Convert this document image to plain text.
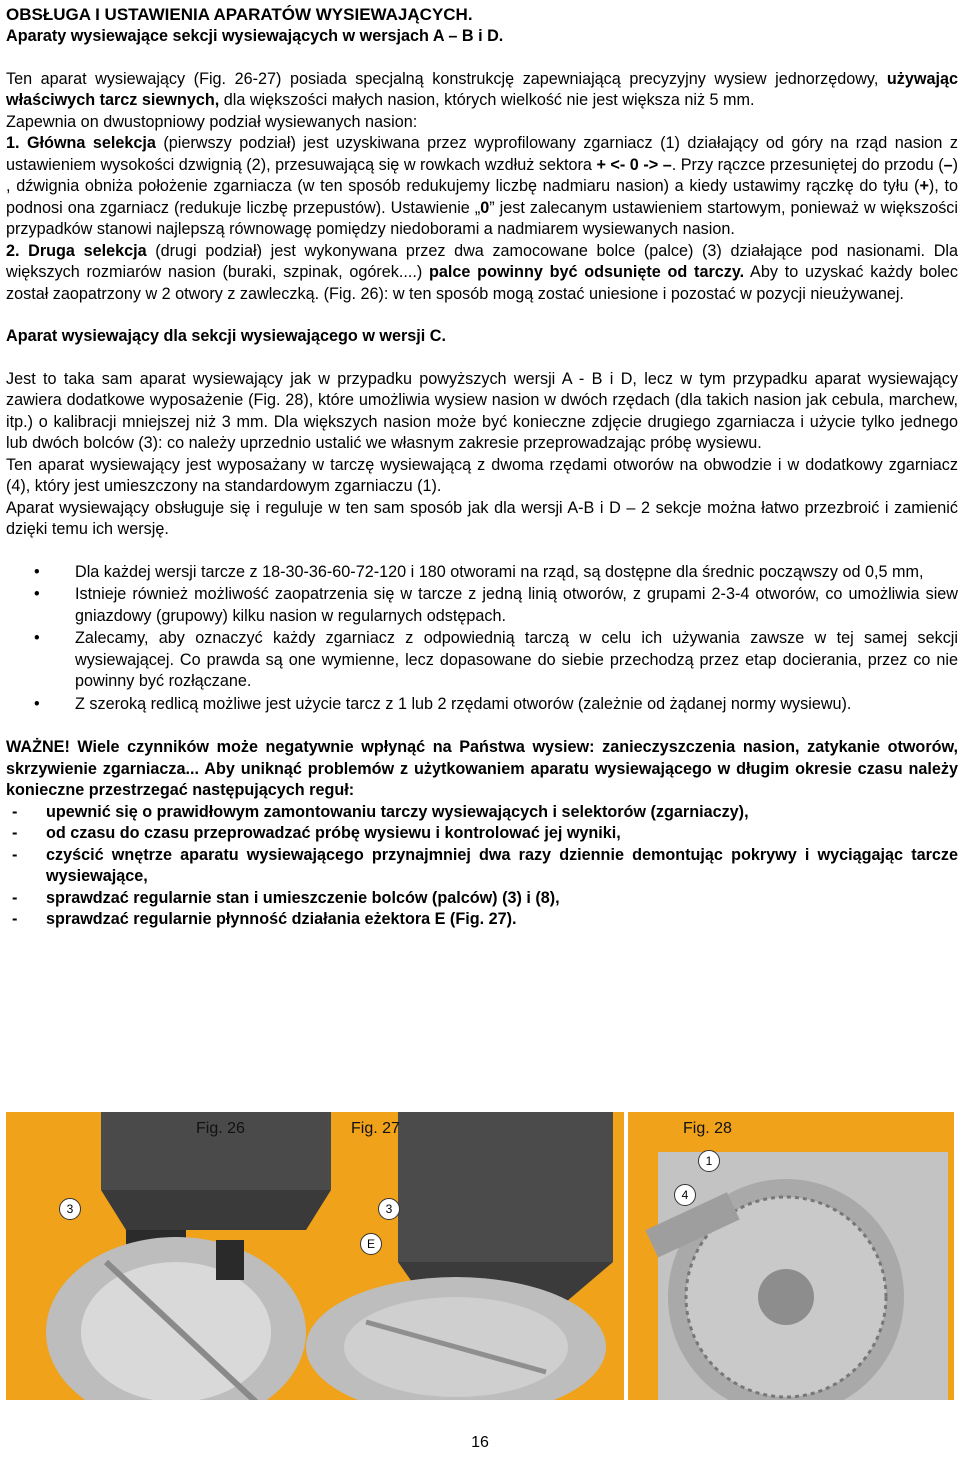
OBSŁUGA I USTAWIENIA APARATÓW WYSIEWAJĄCYCH.

Aparaty wysiewające sekcji wysiewających w wersjach A – B i D.

Ten aparat wysiewający (Fig. 26-27) posiada specjalną konstrukcję zapewniającą precyzyjny wysiew jednorzędowy, używając właściwych tarcz siewnych, dla większości małych nasion, których wielkość nie jest większa niż 5 mm.

Zapewnia on dwustopniowy podział wysiewanych nasion:

1. Główna selekcja (pierwszy podział) jest uzyskiwana przez wyprofilowany zgarniacz (1) działający od góry na rząd nasion z ustawieniem wysokości dzwignią (2), przesuwającą się w rowkach wzdłuż sektora + <- 0 -> –. Przy rączce przesuniętej do przodu (–) , dźwignia obniża położenie zgarniacza (w ten sposób redukujemy liczbę nadmiaru nasion) a kiedy ustawimy rączkę do tyłu (+), to podnosi ona zgarniacz (redukuje liczbę przepustów). Ustawienie „0” jest zalecanym ustawieniem startowym, ponieważ w większości przypadków stanowi najlepszą równowagę pomiędzy niedoborami a nadmiarem wysiewanych nasion.

2. Druga selekcja (drugi podział) jest wykonywana przez dwa zamocowane bolce (palce) (3) działające pod nasionami. Dla większych rozmiarów nasion (buraki, szpinak, ogórek....) palce powinny być odsunięte od tarczy. Aby to uzyskać każdy bolec został zaopatrzony w 2 otwory z zawleczką. (Fig. 26): w ten sposób mogą zostać uniesione i pozostać w pozycji nieużywanej.

Aparat wysiewający dla sekcji wysiewającego w wersji C.

Jest to taka sam aparat wysiewający jak w przypadku powyższych wersji A - B i D, lecz w tym przypadku aparat wysiewający zawiera dodatkowe wyposażenie (Fig. 28), które umożliwia wysiew nasion w dwóch rzędach (dla takich nasion jak cebula, marchew, itp.) o kalibracji mniejszej niż 3 mm. Dla większych nasion może być konieczne zdjęcie drugiego zgarniacza i użycie tylko jednego lub dwóch bolców (3): co należy uprzednio ustalić we własnym zakresie przeprowadzając próbę wysiewu.

Ten aparat wysiewający jest wyposażany w tarczę wysiewającą z dwoma rzędami otworów na obwodzie i w dodatkowy zgarniacz (4), który jest umieszczony na standardowym zgarniaczu (1).

Aparat wysiewający obsługuje się i reguluje w ten sam sposób jak dla wersji A-B i D – 2 sekcje można łatwo przezbroić i zamienić dzięki temu ich wersję.

• Dla każdej wersji tarcze z 18-30-36-60-72-120 i 180 otworami na rząd, są dostępne dla średnic począwszy od 0,5 mm,
• Istnieje również możliwość zaopatrzenia się w tarcze z jedną linią otworów, z grupami 2-3-4 otworów, co umożliwia siew gniazdowy (grupowy) kilku nasion w regularnych odstępach.
• Zalecamy, aby oznaczyć każdy zgarniacz z odpowiednią tarczą w celu ich używania zawsze w tej samej sekcji wysiewającej. Co prawda są one wymienne, lecz dopasowane do siebie przechodzą przez etap docierania, przez co nie powinny być rozłączane.
• Z szeroką redlicą możliwe jest użycie tarcz z 1 lub 2 rzędami otworów (zależnie od żądanej normy wysiewu).

WAŻNE! Wiele czynników może negatywnie wpłynąć na Państwa wysiew: zanieczyszczenia nasion, zatykanie otworów, skrzywienie zgarniacza... Aby uniknąć problemów z użytkowaniem aparatu wysiewającego w długim okresie czasu należy konieczne przestrzegać następujących reguł:

- upewnić się o prawidłowym zamontowaniu tarczy wysiewających i selektorów (zgarniaczy),
- od czasu do czasu przeprowadzać próbę wysiewu i kontrolować jej wyniki,
- czyścić wnętrze aparatu wysiewającego przynajmniej dwa razy dziennie demontując pokrywy i wyciągając tarcze wysiewające,
- sprawdzać regularnie stan i umieszczenie bolców (palców) (3) i (8),
- sprawdzać regularnie płynność działania eżektora E (Fig. 27).
Fig. 26	Fig. 27
3	3
E
Fig. 28
1
4
16
